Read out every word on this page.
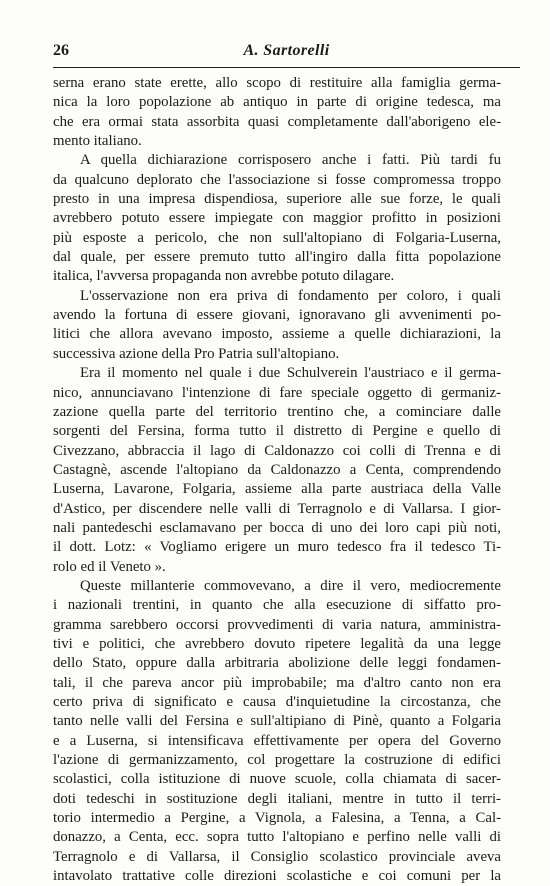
26	A. Sartorelli
serna erano state erette, allo scopo di restituire alla famiglia germa-
nica la loro popolazione ab antiquo in parte di origine tedesca, ma
che era ormai stata assorbita quasi completamente dall'aborigeno ele-
mento italiano.
A quella dichiarazione corrisposero anche i fatti. Più tardi fu
da qualcuno deplorato che l'associazione si fosse compromessa troppo
presto in una impresa dispendiosa, superiore alle sue forze, le quali
avrebbero potuto essere impiegate con maggior profitto in posizioni
più esposte a pericolo, che non sull'altopiano di Folgaria-Luserna,
dal quale, per essere premuto tutto all'ingiro dalla fitta popolazione
italica, l'avversa propaganda non avrebbe potuto dilagare.
L'osservazione non era priva di fondamento per coloro, i quali
avendo la fortuna di essere giovani, ignoravano gli avvenimenti po-
litici che allora avevano imposto, assieme a quelle dichiarazioni, la
successiva azione della Pro Patria sull'altopiano.
Era il momento nel quale i due Schulverein l'austriaco e il germa-
nico, annunciavano l'intenzione di fare speciale oggetto di germaniz-
zazione quella parte del territorio trentino che, a cominciare dalle
sorgenti del Fersina, forma tutto il distretto di Pergine e quello di
Civezzano, abbraccia il lago di Caldonazzo coi colli di Trenna e di
Castagnè, ascende l'altopiano da Caldonazzo a Centa, comprendendo
Luserna, Lavarone, Folgaria, assieme alla parte austriaca della Valle
d'Astico, per discendere nelle valli di Terragnolo e di Vallarsa. I gior-
nali pantedeschi esclamavano per bocca di uno dei loro capi più noti,
il dott. Lotz: « Vogliamo erigere un muro tedesco fra il tedesco Ti-
rolo ed il Veneto ».
Queste millanterie commovevano, a dire il vero, mediocremente
i nazionali trentini, in quanto che alla esecuzione di siffatto pro-
gramma sarebbero occorsi provvedimenti di varia natura, amministra-
tivi e politici, che avrebbero dovuto ripetere legalità da una legge
dello Stato, oppure dalla arbitraria abolizione delle leggi fondamen-
tali, il che pareva ancor più improbabile; ma d'altro canto non era
certo priva di significato e causa d'inquietudine la circostanza, che
tanto nelle valli del Fersina e sull'altipiano di Pinè, quanto a Folgaria
e a Luserna, si intensificava effettivamente per opera del Governo
l'azione di germanizzamento, col progettare la costruzione di edifici
scolastici, colla istituzione di nuove scuole, colla chiamata di sacer-
doti tedeschi in sostituzione degli italiani, mentre in tutto il terri-
torio intermedio a Pergine, a Vignola, a Falesina, a Tenna, a Cal-
donazzo, a Centa, ecc. sopra tutto l'altopiano e perfino nelle valli di
Terragnolo e di Vallarsa, il Consiglio scolastico provinciale aveva
intavolato trattative colle direzioni scolastiche e coi comuni per la
